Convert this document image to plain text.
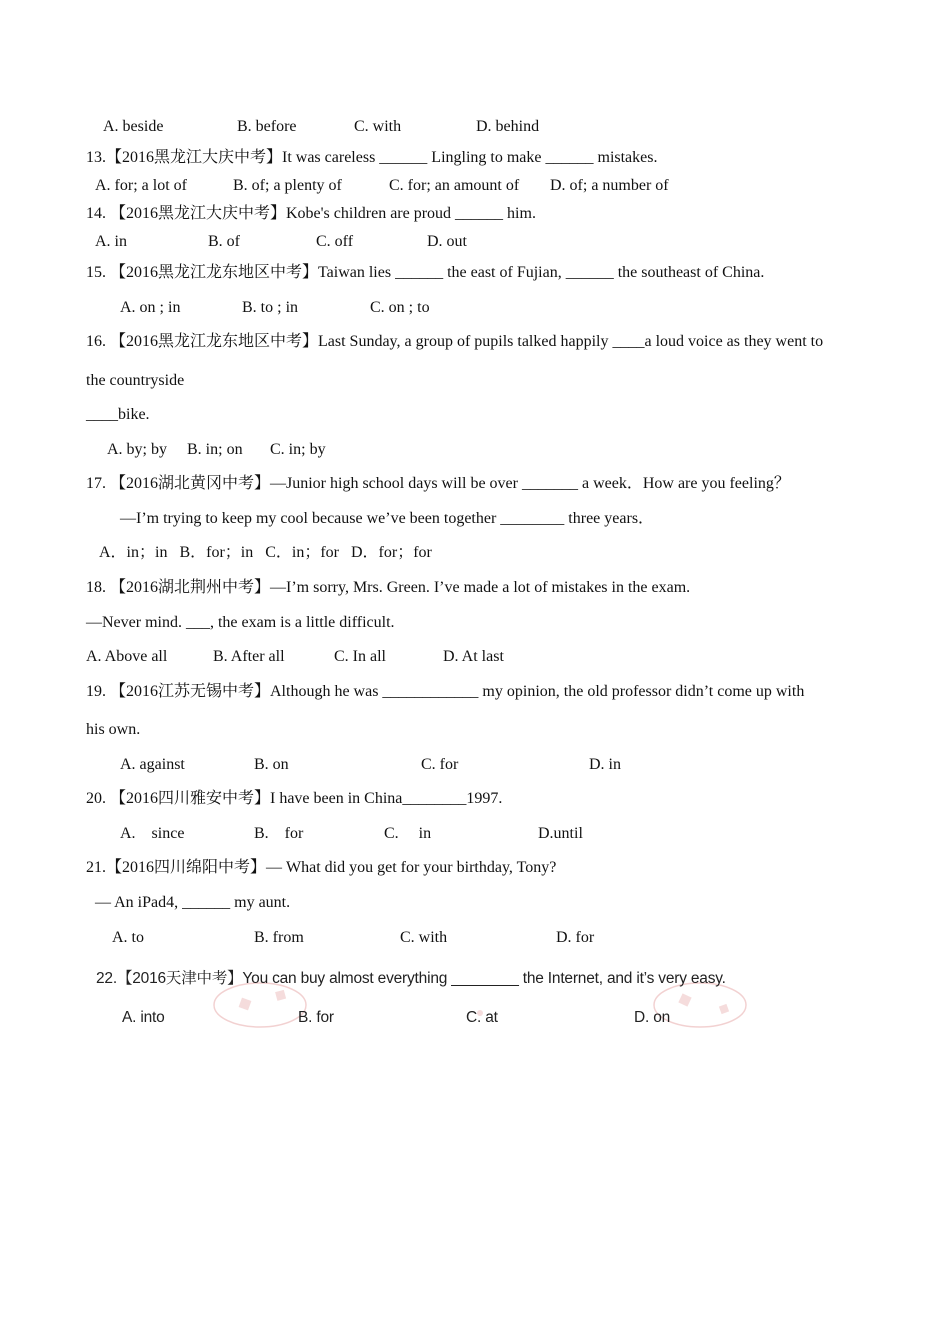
A. beside	B. before	C. with	D. behind
13.【2016黑龙江大庆中考】It was careless ______ Lingling to make ______ mistakes.
A. for; a lot of	B. of; a plenty of	C. for; an amount of D. of; a number of
14. 【2016黑龙江大庆中考】Kobe's children are proud ______ him.
A. in	B. of	C. off	D. out
15. 【2016黑龙江龙东地区中考】Taiwan lies ______ the east of Fujian, ______ the southeast of China.
A. on ; in	B. to ; in	C. on ; to
16. 【2016黑龙江龙东地区中考】Last Sunday, a group of pupils talked happily ____a loud voice as they went to
the countryside
____bike.
A. by; by B. in; on C. in; by
17. 【2016湖北黄冈中考】—Junior high school days will be over _______ a week．How are you feeling？
—I’m trying to keep my cool because we’ve been together ________ three years．
A．in；in   B．for；in   C．in；for   D．for；for
18. 【2016湖北荆州中考】—I’m sorry, Mrs. Green. I’ve made a lot of mistakes in the exam.
—Never mind. ___, the exam is a little difficult.
A. Above all	B. After all	C. In all	D. At last
19. 【2016江苏无锡中考】Although he was ____________ my opinion, the old professor didn’t come up with
his own.
A. against	B. on	C. for	D. in
20. 【2016四川雅安中考】I have been in China________1997.
A.    since	B.    for	C.     in	D.until
21.【2016四川绵阳中考】— What did you get for your birthday, Tony?
— An iPad4, ______ my aunt.
A. to	B. from	C. with	D. for
22.【2016天津中考】You can buy almost everything ________ the Internet, and it’s very easy.
A. into	B. for	C. at	D. on
